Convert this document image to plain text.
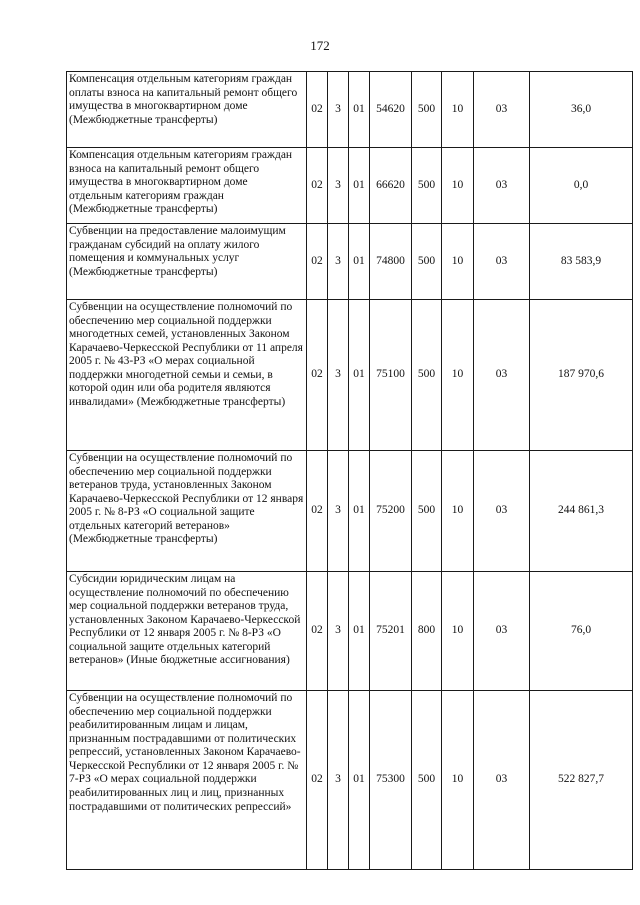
172
Компенсация отдельным категориям граждан оплаты взноса на капитальный ремонт общего имущества в многоквартирном доме (Межбюджетные трансферты)	02	3	01	54620	500	10	03	36,0
Компенсация отдельным категориям граждан взноса на капитальный ремонт общего имущества в многоквартирном доме отдельным категориям граждан (Межбюджетные трансферты)	02	3	01	66620	500	10	03	0,0
Субвенции на предоставление малоимущим гражданам субсидий на оплату жилого помещения и коммунальных услуг (Межбюджетные трансферты)	02	3	01	74800	500	10	03	83 583,9
Субвенции на осуществление полномочий по обеспечению мер социальной поддержки многодетных семей, установленных Законом Карачаево-Черкесской Республики от 11 апреля 2005 г. № 43-РЗ «О мерах социальной поддержки многодетной семьи и семьи, в которой один или оба родителя являются инвалидами» (Межбюджетные трансферты)	02	3	01	75100	500	10	03	187 970,6
Субвенции на осуществление полномочий по обеспечению мер социальной поддержки ветеранов труда, установленных Законом Карачаево-Черкесской Республики от 12 января 2005 г. № 8-РЗ «О социальной защите отдельных категорий ветеранов» (Межбюджетные трансферты)	02	3	01	75200	500	10	03	244 861,3
Субсидии юридическим лицам на осуществление полномочий по обеспечению мер социальной поддержки ветеранов труда, установленных Законом Карачаево-Черкесской Республики от 12 января 2005 г. № 8-РЗ «О социальной защите отдельных категорий ветеранов» (Иные бюджетные ассигнования)	02	3	01	75201	800	10	03	76,0
Субвенции на осуществление полномочий по обеспечению мер социальной поддержки реабилитированным лицам и лицам, признанным пострадавшими от политических репрессий, установленных Законом Карачаево-Черкесской Республики от 12 января 2005 г. № 7-РЗ «О мерах социальной поддержки реабилитированных лиц и лиц, признанных пострадавшими от политических репрессий»	02	3	01	75300	500	10	03	522 827,7
